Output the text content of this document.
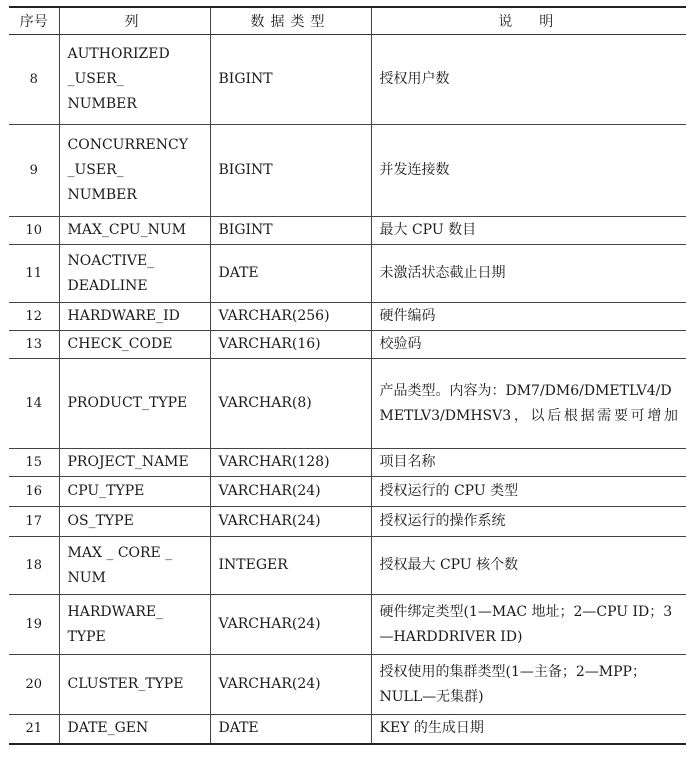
序号	列	数据类型	说  明
8	AUTHORIZED
_USER_
NUMBER	BIGINT	授权用户数
9	CONCURRENCY
_USER_
NUMBER	BIGINT	并发连接数
10	MAX_CPU_NUM	BIGINT	最大 CPU 数目
11	NOACTIVE_
DEADLINE	DATE	未激活状态截止日期
12	HARDWARE_ID	VARCHAR(256)	硬件编码
13	CHECK_CODE	VARCHAR(16)	校验码
14	PRODUCT_TYPE	VARCHAR(8)	产品类型。内容为：DM7/DM6/DMETLV4/DMETLV3/DMHSV3，以后根据需要可增加
15	PROJECT_NAME	VARCHAR(128)	项目名称
16	CPU_TYPE	VARCHAR(24)	授权运行的 CPU 类型
17	OS_TYPE	VARCHAR(24)	授权运行的操作系统
18	MAX _ CORE _
NUM	INTEGER	授权最大 CPU 核个数
19	HARDWARE_
TYPE	VARCHAR(24)	硬件绑定类型(1—MAC 地址；2—CPU ID；3—HARDDRIVER ID)
20	CLUSTER_TYPE	VARCHAR(24)	授权使用的集群类型(1—主备；2—MPP；NULL—无集群)
21	DATE_GEN	DATE	KEY 的生成日期
